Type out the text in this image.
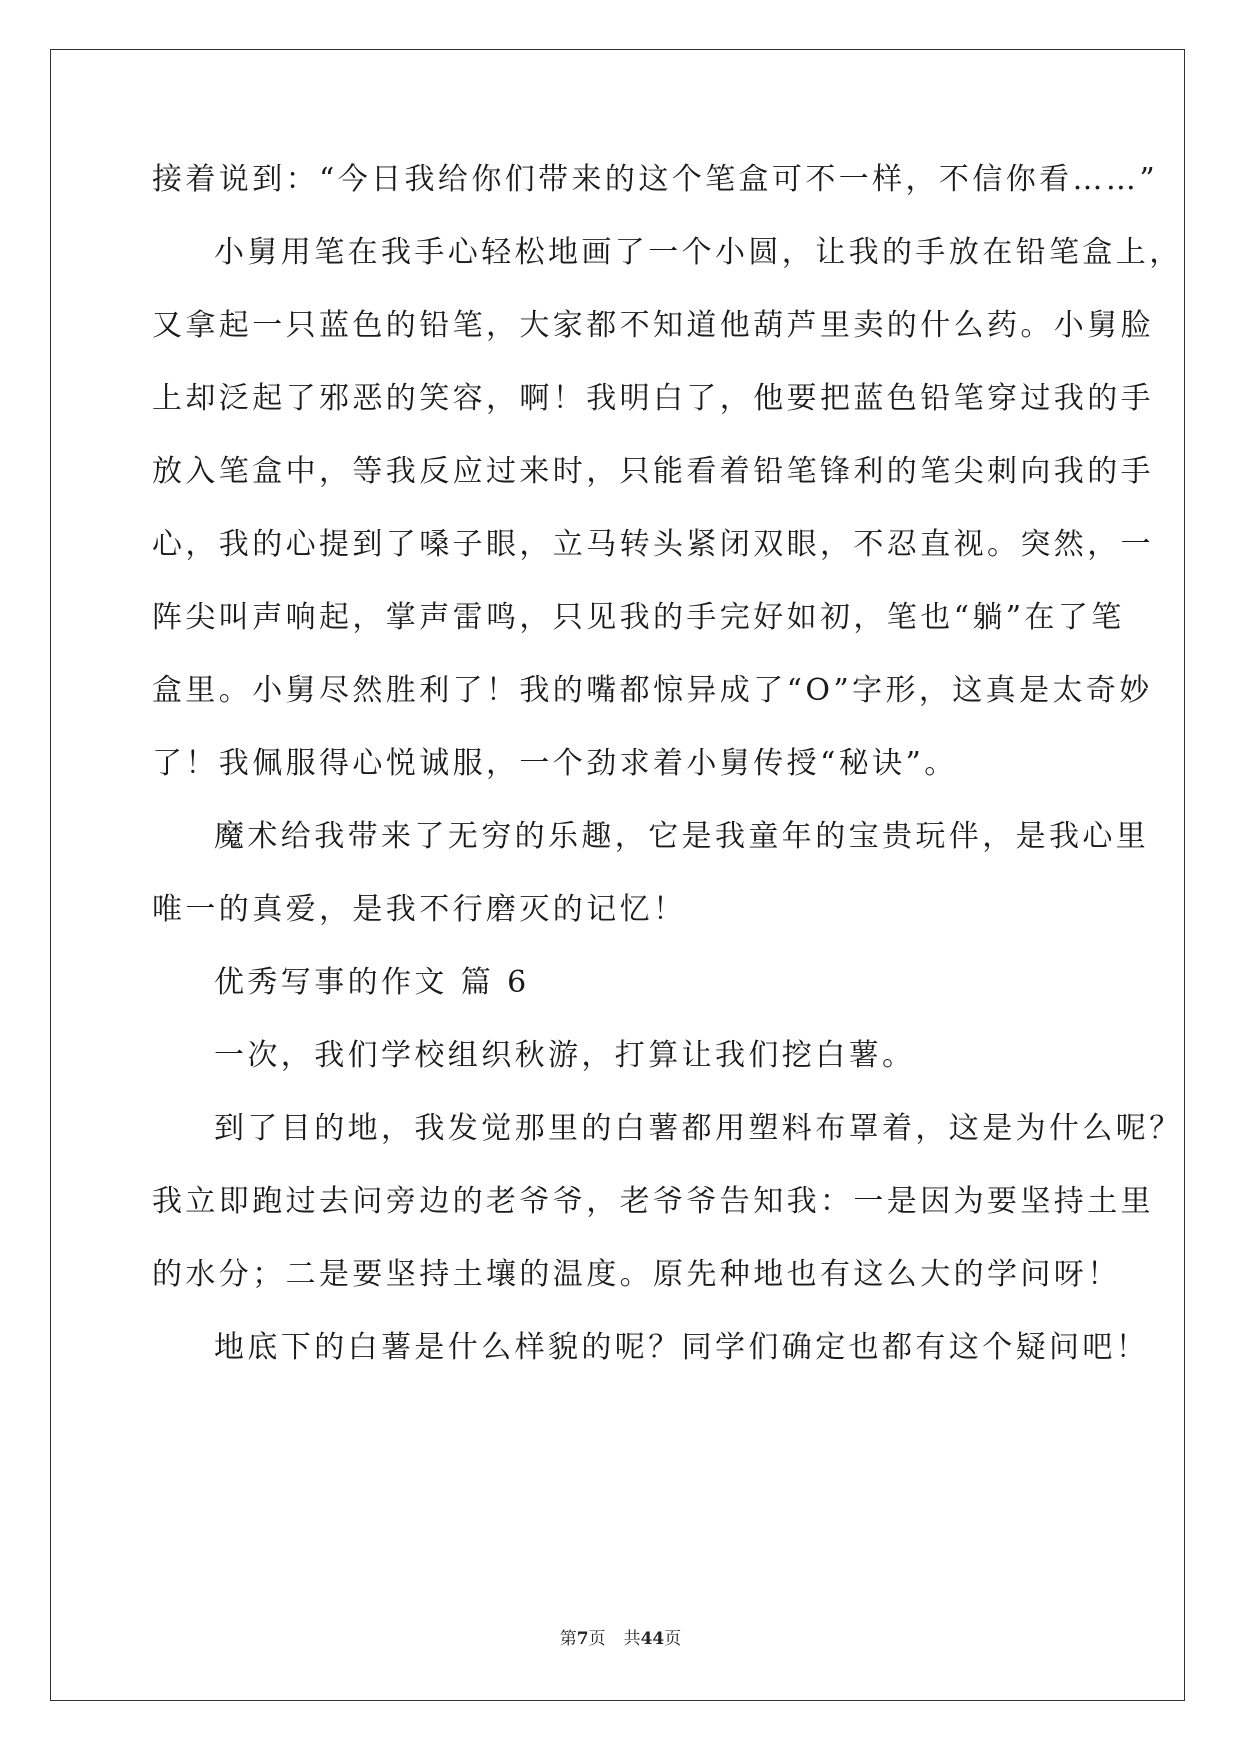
接着说到：“今日我给你们带来的这个笔盒可不一样，不信你看……”
小舅用笔在我手心轻松地画了一个小圆，让我的手放在铅笔盒上，
又拿起一只蓝色的铅笔，大家都不知道他葫芦里卖的什么药。小舅脸
上却泛起了邪恶的笑容，啊！我明白了，他要把蓝色铅笔穿过我的手
放入笔盒中，等我反应过来时，只能看着铅笔锋利的笔尖刺向我的手
心，我的心提到了嗓子眼，立马转头紧闭双眼，不忍直视。突然，一
阵尖叫声响起，掌声雷鸣，只见我的手完好如初，笔也“躺”在了笔
盒里。小舅尽然胜利了！我的嘴都惊异成了“O”字形，这真是太奇妙
了！我佩服得心悦诚服，一个劲求着小舅传授“秘诀”。
魔术给我带来了无穷的乐趣，它是我童年的宝贵玩伴，是我心里
唯一的真爱，是我不行磨灭的记忆！
优秀写事的作文 篇 6
一次，我们学校组织秋游，打算让我们挖白薯。
到了目的地，我发觉那里的白薯都用塑料布罩着，这是为什么呢？
我立即跑过去问旁边的老爷爷，老爷爷告知我：一是因为要坚持土里
的水分；二是要坚持土壤的温度。原先种地也有这么大的学问呀！
地底下的白薯是什么样貌的呢？同学们确定也都有这个疑问吧！
第7页 共44页
